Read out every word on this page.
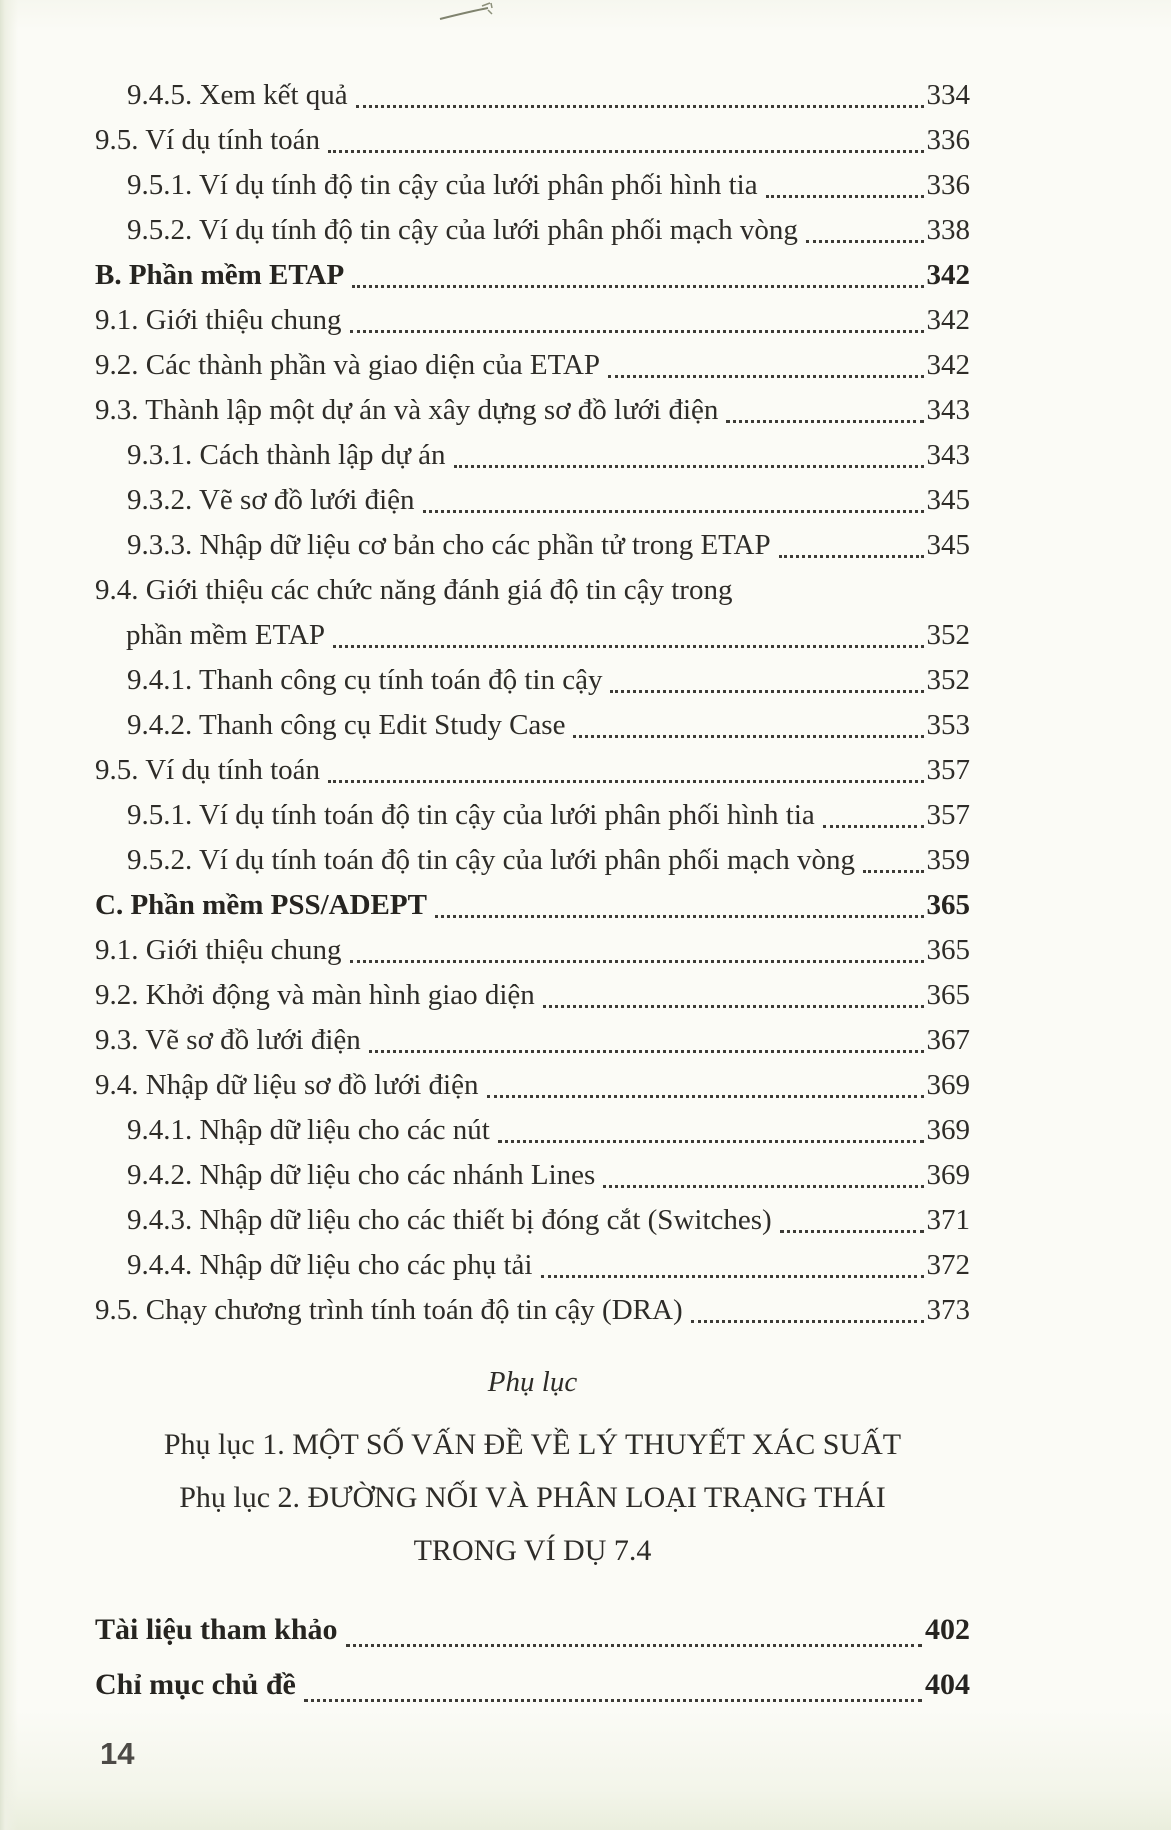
9.4.5. Xem kết quả	334
9.5. Ví dụ tính toán	336
9.5.1. Ví dụ tính độ tin cậy của lưới phân phối hình tia	336
9.5.2. Ví dụ tính độ tin cậy của lưới phân phối mạch vòng	338
B. Phần mềm ETAP	342
9.1. Giới thiệu chung	342
9.2. Các thành phần và giao diện của ETAP	342
9.3. Thành lập một dự án và xây dựng sơ đồ lưới điện	343
9.3.1. Cách thành lập dự án	343
9.3.2. Vẽ sơ đồ lưới điện	345
9.3.3. Nhập dữ liệu cơ bản cho các phần tử trong ETAP	345
9.4. Giới thiệu các chức năng đánh giá độ tin cậy trong
phần mềm ETAP	352
9.4.1. Thanh công cụ tính toán độ tin cậy	352
9.4.2. Thanh công cụ Edit Study Case	353
9.5. Ví dụ tính toán	357
9.5.1. Ví dụ tính toán độ tin cậy của lưới phân phối hình tia	357
9.5.2. Ví dụ tính toán độ tin cậy của lưới phân phối mạch vòng 359
C. Phần mềm PSS/ADEPT	365
9.1. Giới thiệu chung	365
9.2. Khởi động và màn hình giao diện	365
9.3. Vẽ sơ đồ lưới điện	367
9.4. Nhập dữ liệu sơ đồ lưới điện	369
9.4.1. Nhập dữ liệu cho các nút	369
9.4.2. Nhập dữ liệu cho các nhánh Lines	369
9.4.3. Nhập dữ liệu cho các thiết bị đóng cắt (Switches)	371
9.4.4. Nhập dữ liệu cho các phụ tải	372
9.5. Chạy chương trình tính toán độ tin cậy (DRA)	373
Phụ lục
Phụ lục 1. MỘT SỐ VẤN ĐỀ VỀ LÝ THUYẾT XÁC SUẤT
Phụ lục 2. ĐƯỜNG NỐI VÀ PHÂN LOẠI TRẠNG THÁI
TRONG VÍ DỤ 7.4
Tài liệu tham khảo	402
Chỉ mục chủ đề	404
14
